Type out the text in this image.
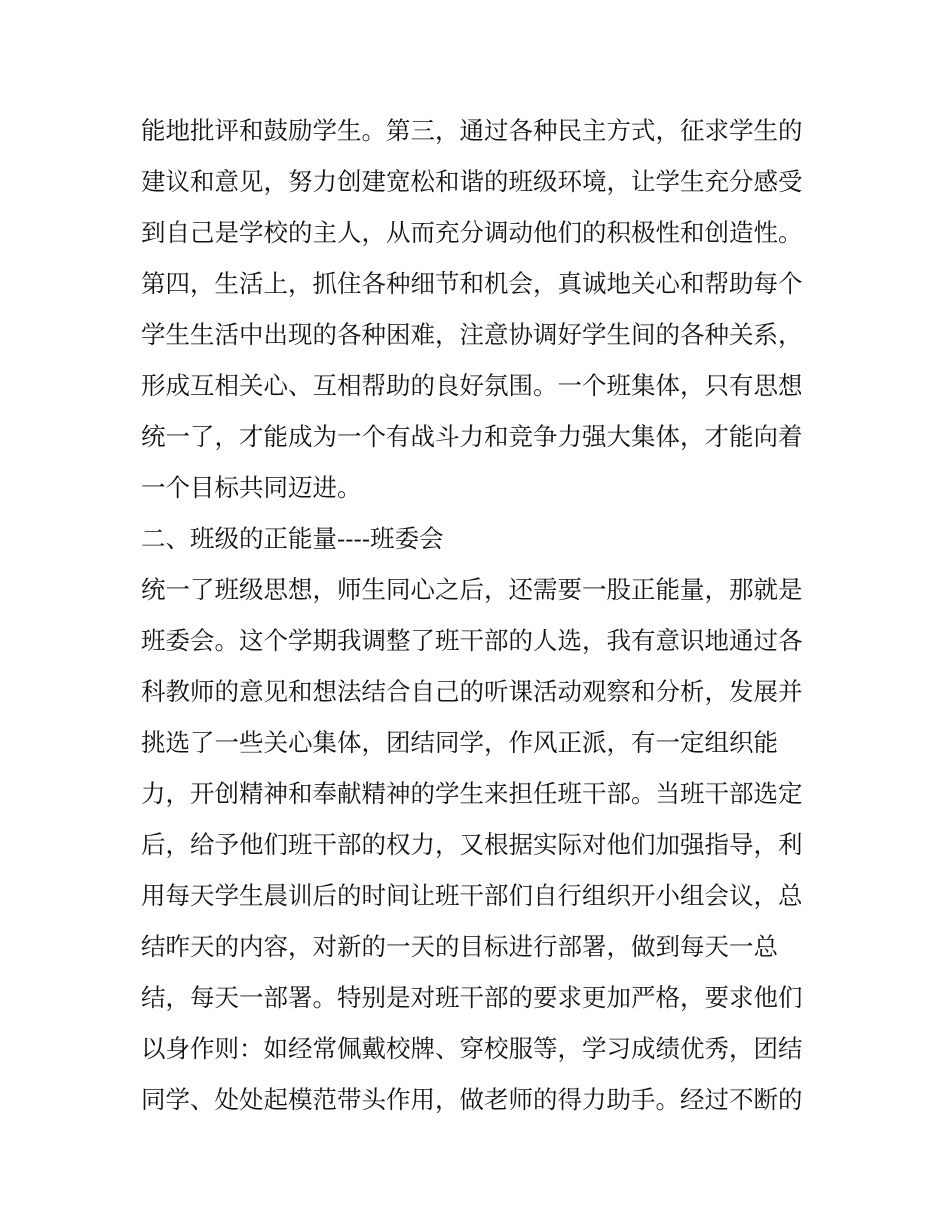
能地批评和鼓励学生。第三，通过各种民主方式，征求学生的
建议和意见，努力创建宽松和谐的班级环境，让学生充分感受
到自己是学校的主人，从而充分调动他们的积极性和创造性。
第四，生活上，抓住各种细节和机会，真诚地关心和帮助每个
学生生活中出现的各种困难，注意协调好学生间的各种关系，
形成互相关心、互相帮助的良好氛围。一个班集体，只有思想
统一了，才能成为一个有战斗力和竞争力强大集体，才能向着
一个目标共同迈进。
二、班级的正能量----班委会
统一了班级思想，师生同心之后，还需要一股正能量，那就是
班委会。这个学期我调整了班干部的人选，我有意识地通过各
科教师的意见和想法结合自己的听课活动观察和分析，发展并
挑选了一些关心集体，团结同学，作风正派，有一定组织能
力，开创精神和奉献精神的学生来担任班干部。当班干部选定
后，给予他们班干部的权力，又根据实际对他们加强指导，利
用每天学生晨训后的时间让班干部们自行组织开小组会议，总
结昨天的内容，对新的一天的目标进行部署，做到每天一总
结，每天一部署。特别是对班干部的要求更加严格，要求他们
以身作则：如经常佩戴校牌、穿校服等，学习成绩优秀，团结
同学、处处起模范带头作用，做老师的得力助手。经过不断的
